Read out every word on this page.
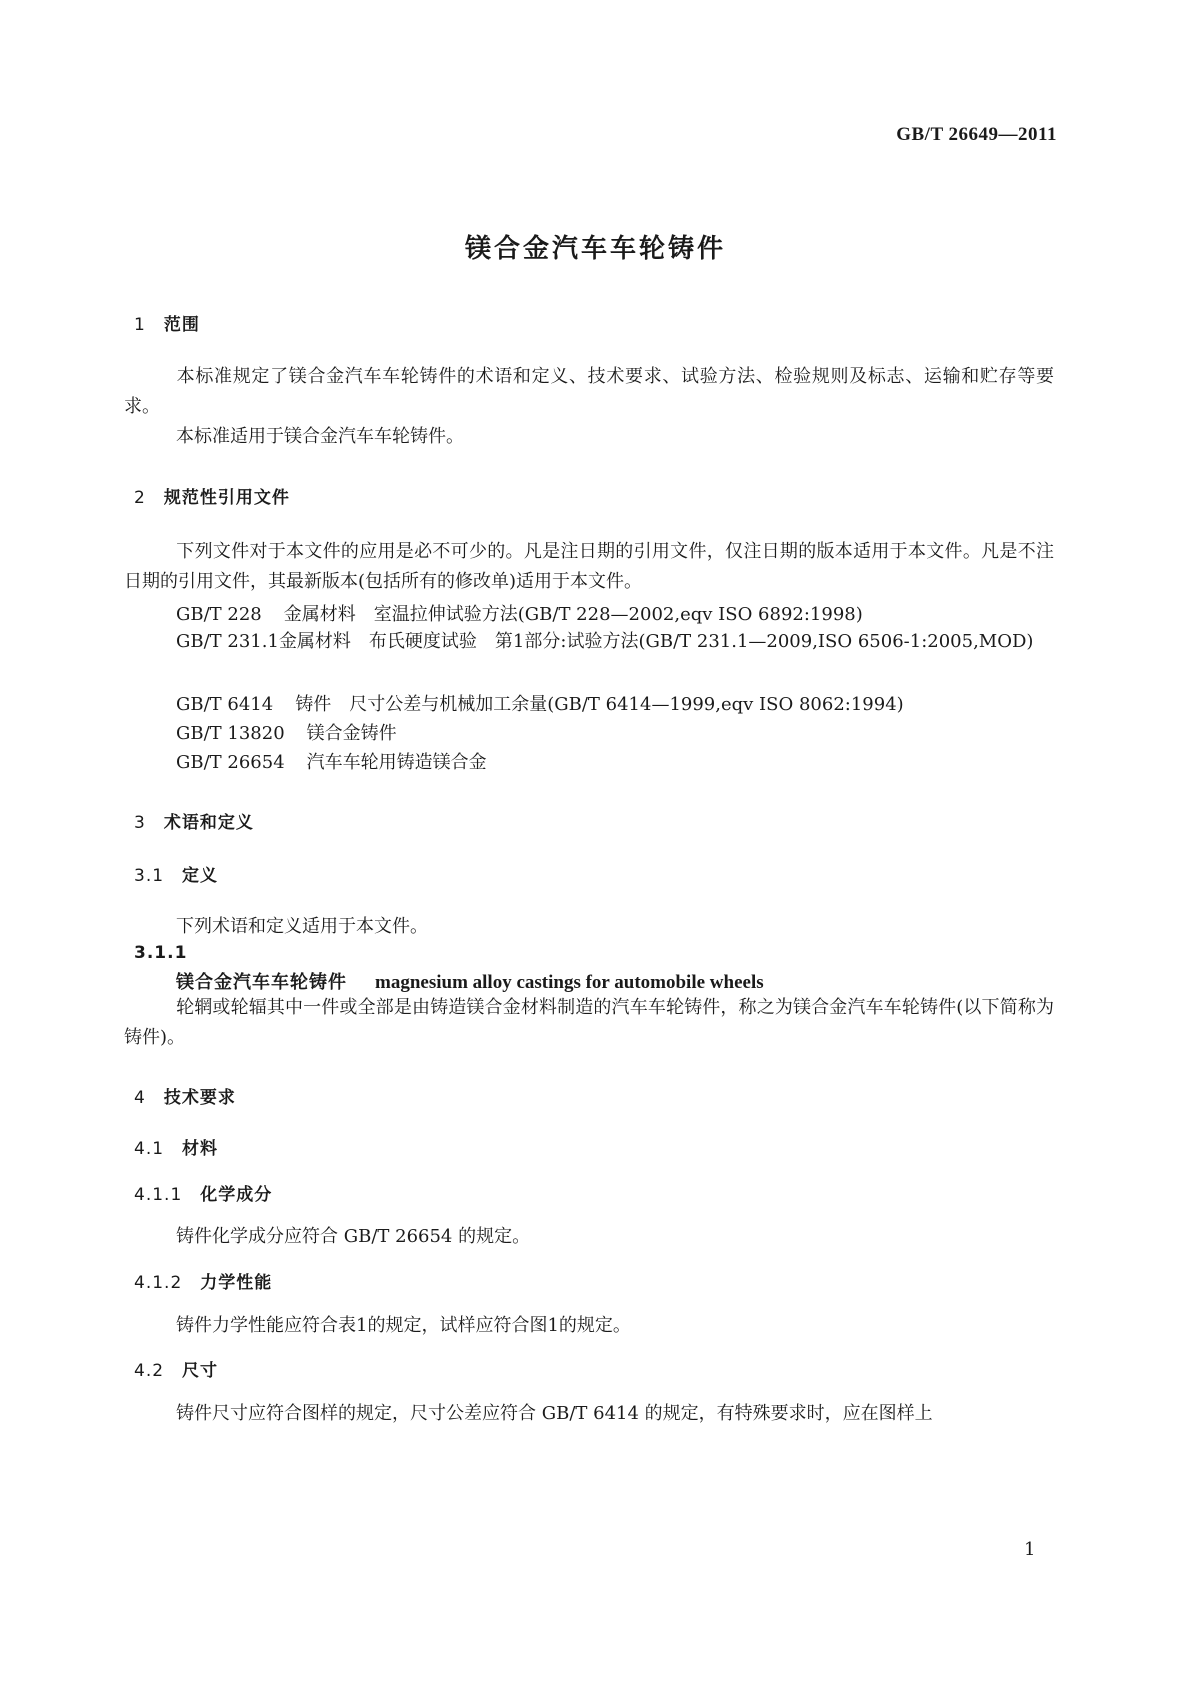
GB/T 26649—2011
镁合金汽车车轮铸件
1 范围
本标准规定了镁合金汽车车轮铸件的术语和定义、技术要求、试验方法、检验规则及标志、运输和贮存等要求。
本标准适用于镁合金汽车车轮铸件。
2 规范性引用文件
下列文件对于本文件的应用是必不可少的。凡是注日期的引用文件，仅注日期的版本适用于本文件。凡是不注日期的引用文件，其最新版本(包括所有的修改单)适用于本文件。
GB/T 228 金属材料　室温拉伸试验方法(GB/T 228—2002,eqv ISO 6892:1998)
GB/T 231.1金属材料　布氏硬度试验　第1部分:试验方法(GB/T 231.1—2009,ISO 6506-1:2005,MOD)
GB/T 6414 铸件　尺寸公差与机械加工余量(GB/T 6414—1999,eqv ISO 8062:1994)
GB/T 13820 镁合金铸件
GB/T 26654 汽车车轮用铸造镁合金
3 术语和定义
3.1 定义
下列术语和定义适用于本文件。
3.1.1
镁合金汽车车轮铸件 magnesium alloy castings for automobile wheels
轮辋或轮辐其中一件或全部是由铸造镁合金材料制造的汽车车轮铸件，称之为镁合金汽车车轮铸件(以下简称为铸件)。
4 技术要求
4.1 材料
4.1.1 化学成分
铸件化学成分应符合 GB/T 26654 的规定。
4.1.2 力学性能
铸件力学性能应符合表1的规定，试样应符合图1的规定。
4.2 尺寸
铸件尺寸应符合图样的规定，尺寸公差应符合 GB/T 6414 的规定，有特殊要求时，应在图样上
1
